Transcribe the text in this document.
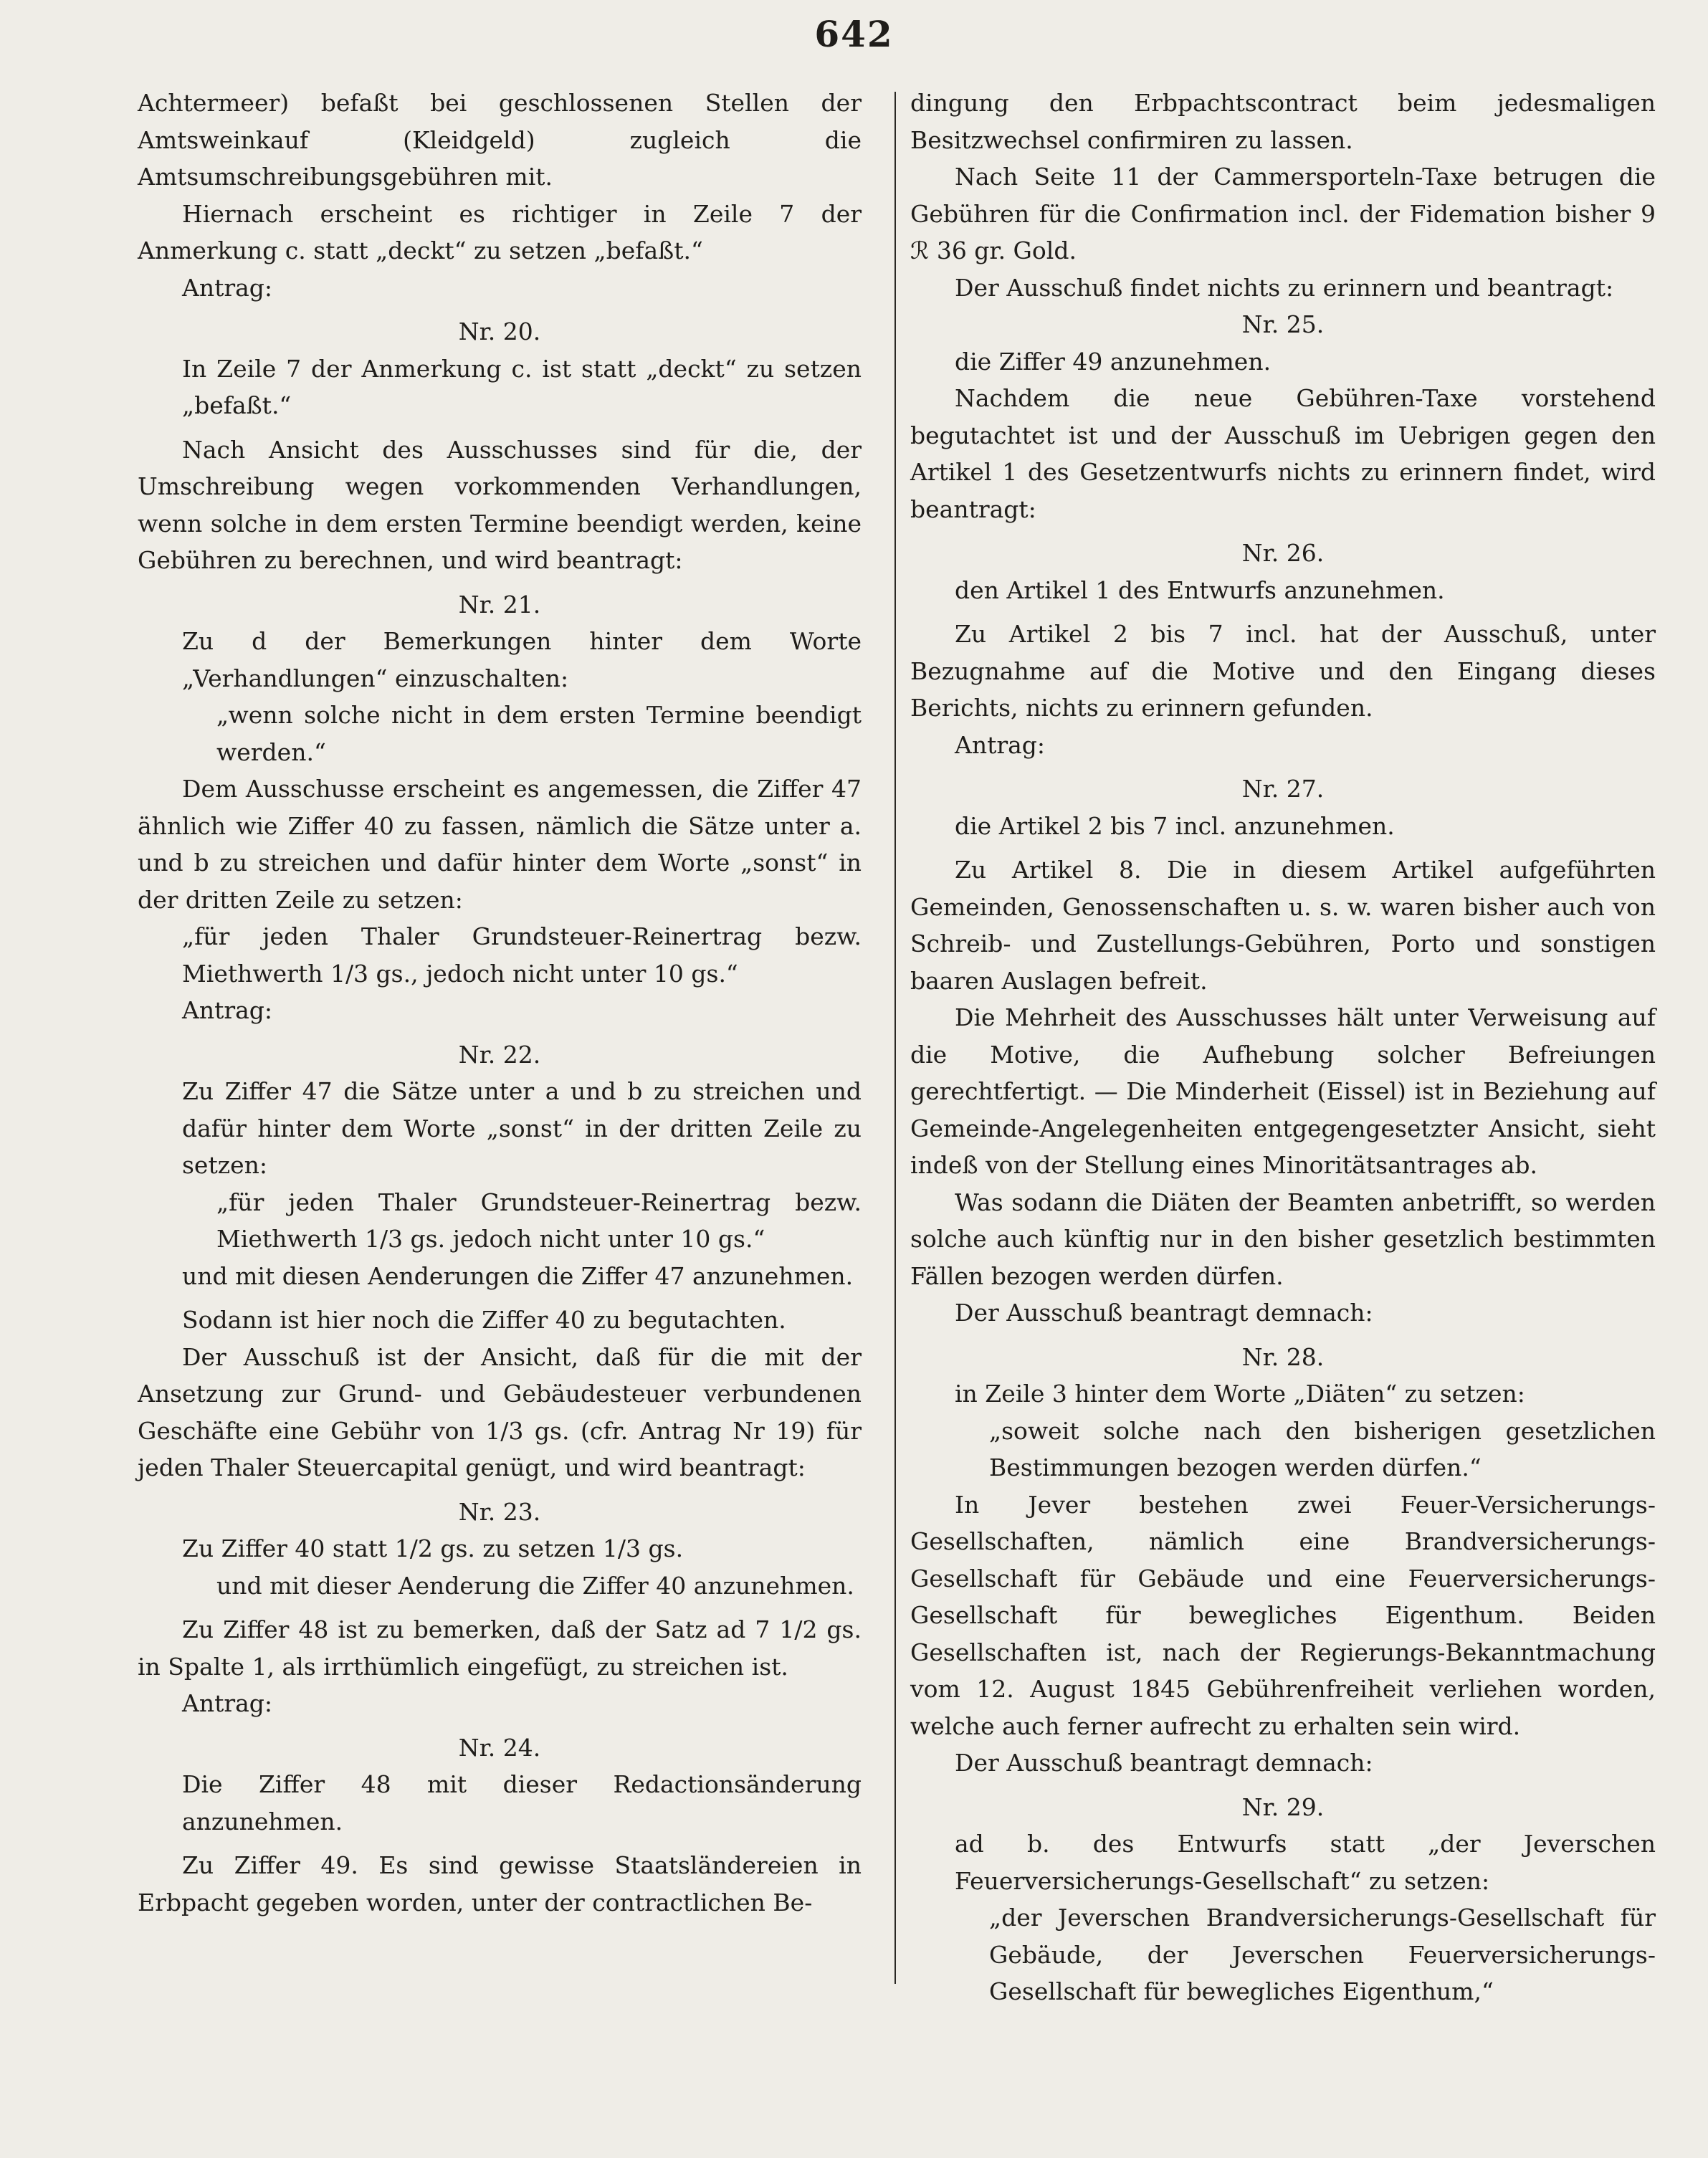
642

Achtermeer) befaßt bei geschlossenen Stellen der Amtsweinkauf (Kleidgeld) zugleich die Amtsumschreibungsgebühren mit.

Hiernach erscheint es richtiger in Zeile 7 der Anmerkung c. statt „deckt“ zu setzen „befaßt.“

Antrag:

Nr. 20.

In Zeile 7 der Anmerkung c. ist statt „deckt“ zu setzen „befaßt.“

Nach Ansicht des Ausschusses sind für die, der Umschreibung wegen vorkommenden Verhandlungen, wenn solche in dem ersten Termine beendigt werden, keine Gebühren zu berechnen, und wird beantragt:

Nr. 21.

Zu d der Bemerkungen hinter dem Worte „Verhandlungen“ einzuschalten:

„wenn solche nicht in dem ersten Termine beendigt werden.“

Dem Ausschusse erscheint es angemessen, die Ziffer 47 ähnlich wie Ziffer 40 zu fassen, nämlich die Sätze unter a. und b zu streichen und dafür hinter dem Worte „sonst“ in der dritten Zeile zu setzen:

„für jeden Thaler Grundsteuer-Reinertrag bezw. Miethwerth 1/3 gs., jedoch nicht unter 10 gs.“

Antrag:

Nr. 22.

Zu Ziffer 47 die Sätze unter a und b zu streichen und dafür hinter dem Worte „sonst“ in der dritten Zeile zu setzen:

„für jeden Thaler Grundsteuer-Reinertrag bezw. Miethwerth 1/3 gs. jedoch nicht unter 10 gs.“

und mit diesen Aenderungen die Ziffer 47 anzunehmen.

Sodann ist hier noch die Ziffer 40 zu begutachten.

Der Ausschuß ist der Ansicht, daß für die mit der Ansetzung zur Grund- und Gebäudesteuer verbundenen Geschäfte eine Gebühr von 1/3 gs. (cfr. Antrag Nr 19) für jeden Thaler Steuercapital genügt, und wird beantragt:

Nr. 23.

Zu Ziffer 40 statt 1/2 gs. zu setzen 1/3 gs.

und mit dieser Aenderung die Ziffer 40 anzunehmen.

Zu Ziffer 48 ist zu bemerken, daß der Satz ad 7 1/2 gs. in Spalte 1, als irrthümlich eingefügt, zu streichen ist.

Antrag:

Nr. 24.

Die Ziffer 48 mit dieser Redactionsänderung anzunehmen.

Zu Ziffer 49. Es sind gewisse Staatsländereien in Erbpacht gegeben worden, unter der contractlichen Be-

dingung den Erbpachtscontract beim jedesmaligen Besitzwechsel confirmiren zu lassen.

Nach Seite 11 der Cammersporteln-Taxe betrugen die Gebühren für die Confirmation incl. der Fidemation bisher 9 ℛ 36 gr. Gold.

Der Ausschuß findet nichts zu erinnern und beantragt:

Nr. 25.

die Ziffer 49 anzunehmen.

Nachdem die neue Gebühren-Taxe vorstehend begutachtet ist und der Ausschuß im Uebrigen gegen den Artikel 1 des Gesetzentwurfs nichts zu erinnern findet, wird beantragt:

Nr. 26.

den Artikel 1 des Entwurfs anzunehmen.

Zu Artikel 2 bis 7 incl. hat der Ausschuß, unter Bezugnahme auf die Motive und den Eingang dieses Berichts, nichts zu erinnern gefunden.

Antrag:

Nr. 27.

die Artikel 2 bis 7 incl. anzunehmen.

Zu Artikel 8. Die in diesem Artikel aufgeführten Gemeinden, Genossenschaften u. s. w. waren bisher auch von Schreib- und Zustellungs-Gebühren, Porto und sonstigen baaren Auslagen befreit.

Die Mehrheit des Ausschusses hält unter Verweisung auf die Motive, die Aufhebung solcher Befreiungen gerechtfertigt. — Die Minderheit (Eissel) ist in Beziehung auf Gemeinde-Angelegenheiten entgegengesetzter Ansicht, sieht indeß von der Stellung eines Minoritätsantrages ab.

Was sodann die Diäten der Beamten anbetrifft, so werden solche auch künftig nur in den bisher gesetzlich bestimmten Fällen bezogen werden dürfen.

Der Ausschuß beantragt demnach:

Nr. 28.

in Zeile 3 hinter dem Worte „Diäten“ zu setzen:

„soweit solche nach den bisherigen gesetzlichen Bestimmungen bezogen werden dürfen.“

In Jever bestehen zwei Feuer-Versicherungs-Gesellschaften, nämlich eine Brandversicherungs-Gesellschaft für Gebäude und eine Feuerversicherungs-Gesellschaft für bewegliches Eigenthum. Beiden Gesellschaften ist, nach der Regierungs-Bekanntmachung vom 12. August 1845 Gebührenfreiheit verliehen worden, welche auch ferner aufrecht zu erhalten sein wird.

Der Ausschuß beantragt demnach:

Nr. 29.

ad b. des Entwurfs statt „der Jeverschen Feuerversicherungs-Gesellschaft“ zu setzen:

„der Jeverschen Brandversicherungs-Gesellschaft für Gebäude, der Jeverschen Feuerversicherungs-Gesellschaft für bewegliches Eigenthum,“
